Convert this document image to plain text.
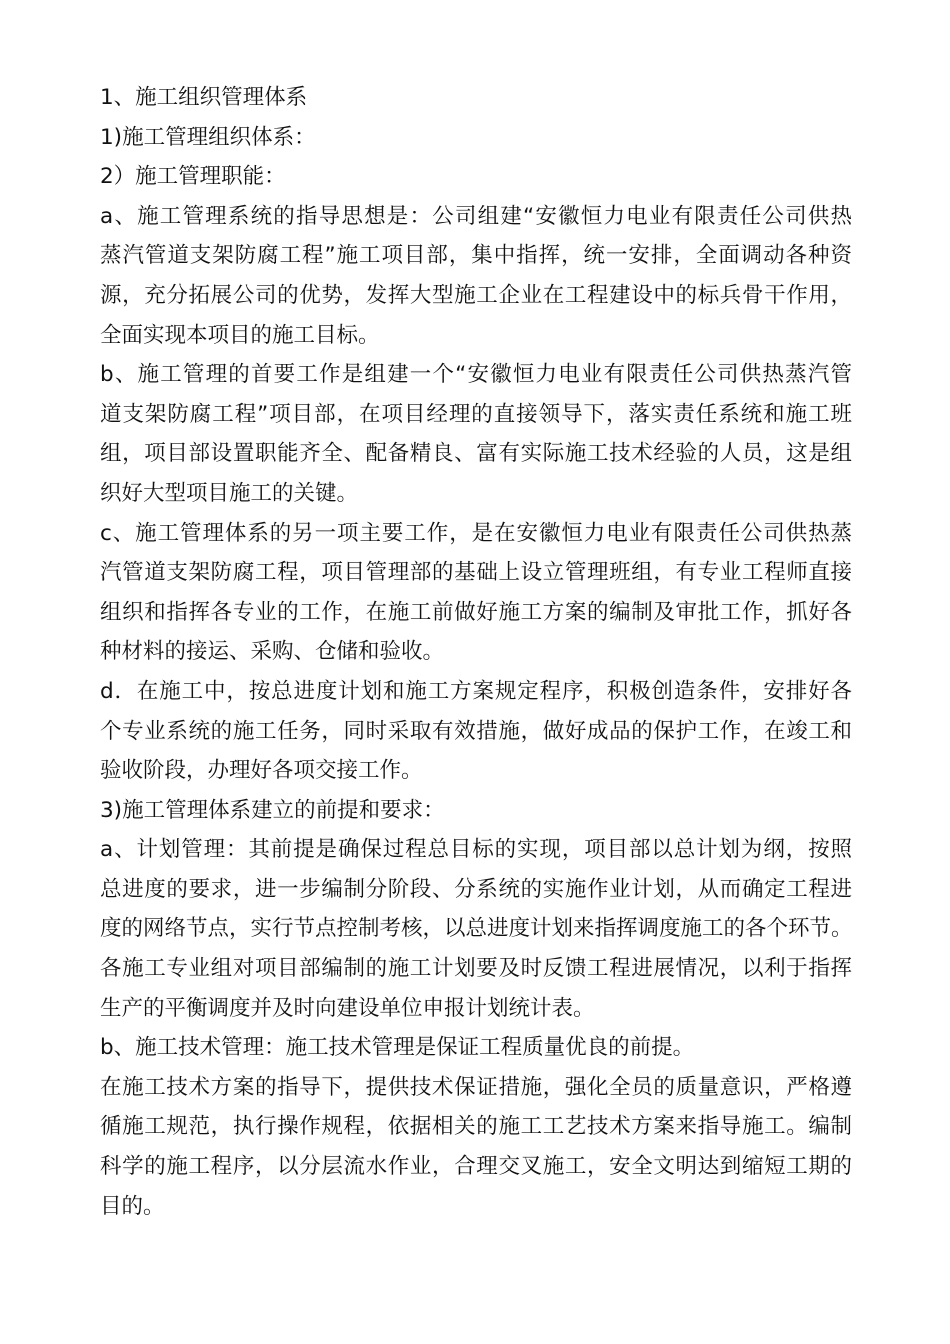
1、施工组织管理体系
1)施工管理组织体系：
2）施工管理职能：
a、施工管理系统的指导思想是：公司组建“安徽恒力电业有限责任公司供热
蒸汽管道支架防腐工程”施工项目部，集中指挥，统一安排，全面调动各种资
源，充分拓展公司的优势，发挥大型施工企业在工程建设中的标兵骨干作用，
全面实现本项目的施工目标。
b、施工管理的首要工作是组建一个“安徽恒力电业有限责任公司供热蒸汽管
道支架防腐工程”项目部，在项目经理的直接领导下，落实责任系统和施工班
组，项目部设置职能齐全、配备精良、富有实际施工技术经验的人员，这是组
织好大型项目施工的关键。
c、施工管理体系的另一项主要工作，是在安徽恒力电业有限责任公司供热蒸
汽管道支架防腐工程，项目管理部的基础上设立管理班组，有专业工程师直接
组织和指挥各专业的工作，在施工前做好施工方案的编制及审批工作，抓好各
种材料的接运、采购、仓储和验收。
d．在施工中，按总进度计划和施工方案规定程序，积极创造条件，安排好各
个专业系统的施工任务，同时采取有效措施，做好成品的保护工作，在竣工和
验收阶段，办理好各项交接工作。
3)施工管理体系建立的前提和要求：
a、计划管理：其前提是确保过程总目标的实现，项目部以总计划为纲，按照
总进度的要求，进一步编制分阶段、分系统的实施作业计划，从而确定工程进
度的网络节点，实行节点控制考核，以总进度计划来指挥调度施工的各个环节。
各施工专业组对项目部编制的施工计划要及时反馈工程进展情况，以利于指挥
生产的平衡调度并及时向建设单位申报计划统计表。
b、施工技术管理：施工技术管理是保证工程质量优良的前提。
在施工技术方案的指导下，提供技术保证措施，强化全员的质量意识，严格遵
循施工规范，执行操作规程，依据相关的施工工艺技术方案来指导施工。编制
科学的施工程序，以分层流水作业，合理交叉施工，安全文明达到缩短工期的
目的。
